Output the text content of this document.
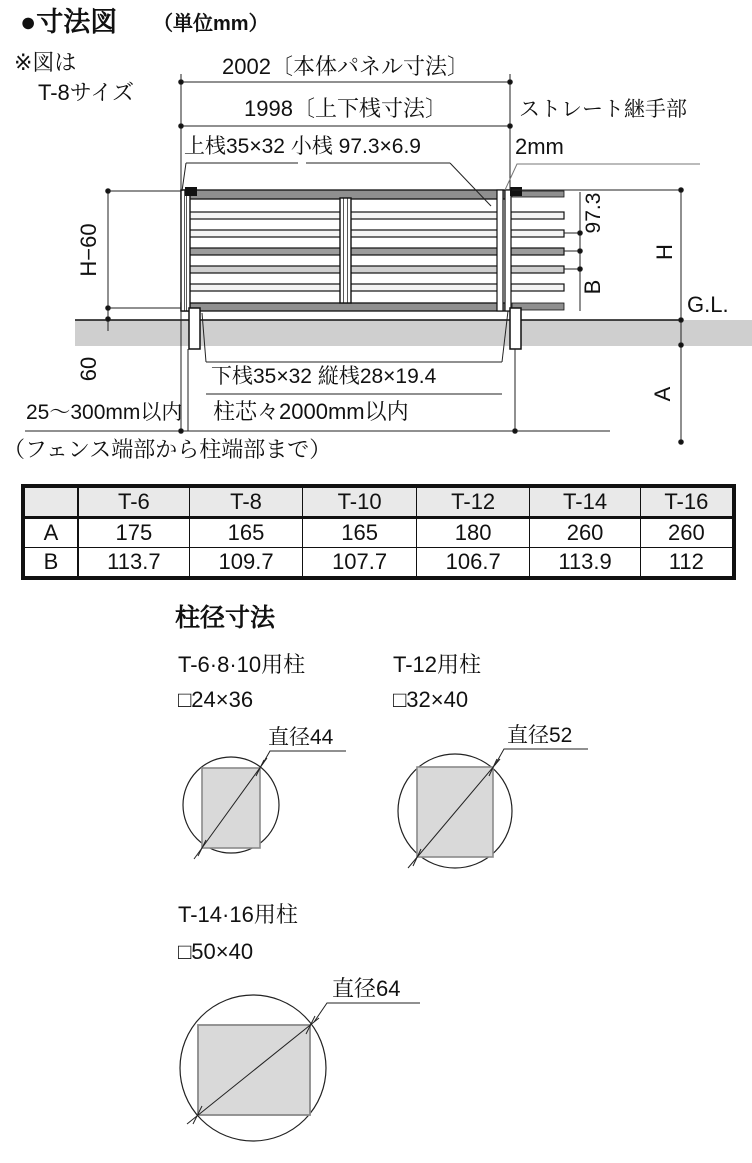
●寸法図 （単位mm）
※図は
T-8サイズ
2002〔本体パネル寸法〕
1998〔上下桟寸法〕
上桟35×32 小桟 97.3×6.9
ストレート継手部
2mm
H−60
60
97.3
B
H
G.L.
A
下桟35×32 縦桟28×19.4
25〜300mm以内 柱芯々2000mm以内
（フェンス端部から柱端部まで）
	T-6	T-8	T-10	T-12	T-14	T-16
A	175	165	165	180	260	260
B	113.7	109.7	107.7	106.7	113.9	112
柱径寸法
T-6·8·10用柱
□24×36
直径44
T-12用柱
□32×40
直径52
T-14·16用柱
□50×40
直径64
